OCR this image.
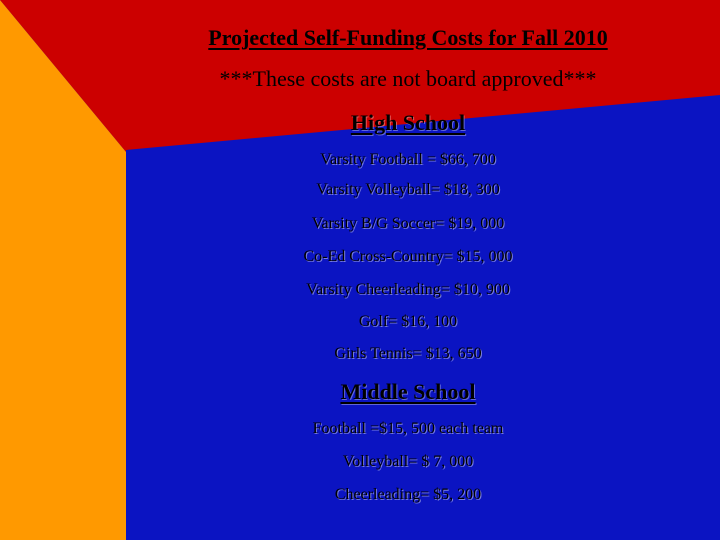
Projected Self-Funding Costs for Fall 2010

***These costs are not board approved***

High School

Varsity Football = $66, 700

Varsity Volleyball= $18, 300

Varsity B/G Soccer= $19, 000

Co-Ed Cross-Country= $15, 000

Varsity Cheerleading= $10, 900

Golf= $16, 100

Girls Tennis= $13, 650

Middle School

Football =$15, 500 each team

Volleyball= $ 7, 000

Cheerleading= $5, 200
